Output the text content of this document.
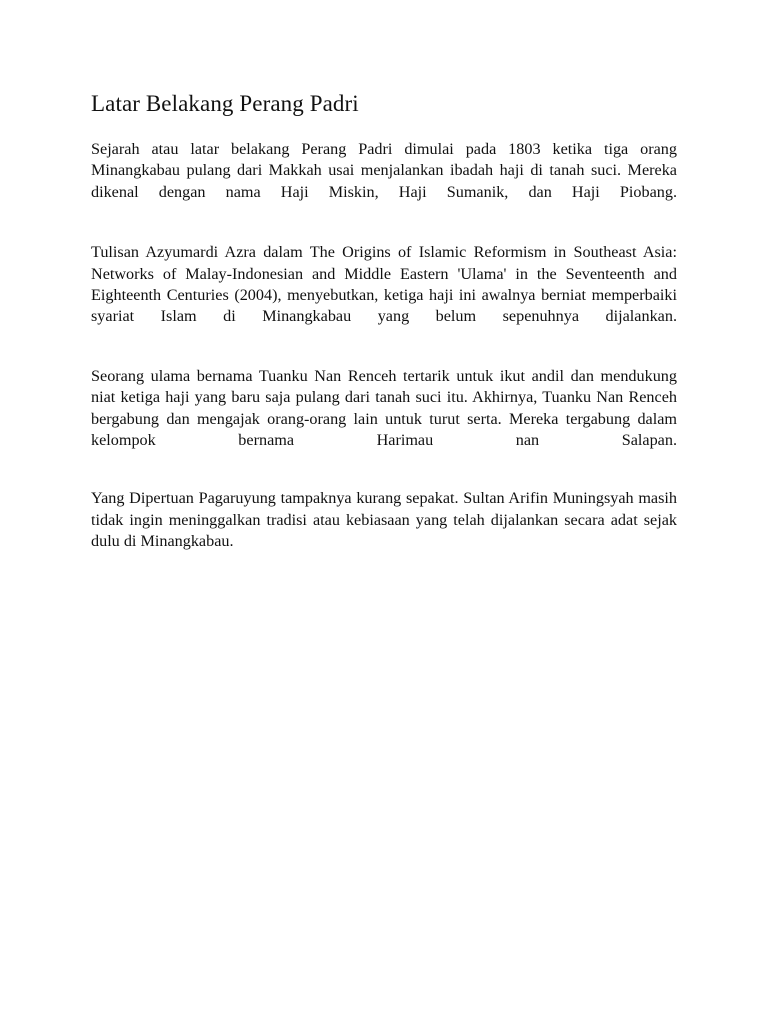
Latar Belakang Perang Padri

Sejarah atau latar belakang Perang Padri dimulai pada 1803 ketika tiga orang Minangkabau pulang dari Makkah usai menjalankan ibadah haji di tanah suci. Mereka dikenal dengan nama Haji Miskin, Haji Sumanik, dan Haji Piobang.

Tulisan Azyumardi Azra dalam The Origins of Islamic Reformism in Southeast Asia: Networks of Malay-Indonesian and Middle Eastern 'Ulama' in the Seventeenth and Eighteenth Centuries (2004), menyebutkan, ketiga haji ini awalnya berniat memperbaiki syariat Islam di Minangkabau yang belum sepenuhnya dijalankan.

Seorang ulama bernama Tuanku Nan Renceh tertarik untuk ikut andil dan mendukung niat ketiga haji yang baru saja pulang dari tanah suci itu. Akhirnya, Tuanku Nan Renceh bergabung dan mengajak orang-orang lain untuk turut serta. Mereka tergabung dalam kelompok bernama Harimau nan Salapan.

Yang Dipertuan Pagaruyung tampaknya kurang sepakat. Sultan Arifin Muningsyah masih tidak ingin meninggalkan tradisi atau kebiasaan yang telah dijalankan secara adat sejak dulu di Minangkabau.
